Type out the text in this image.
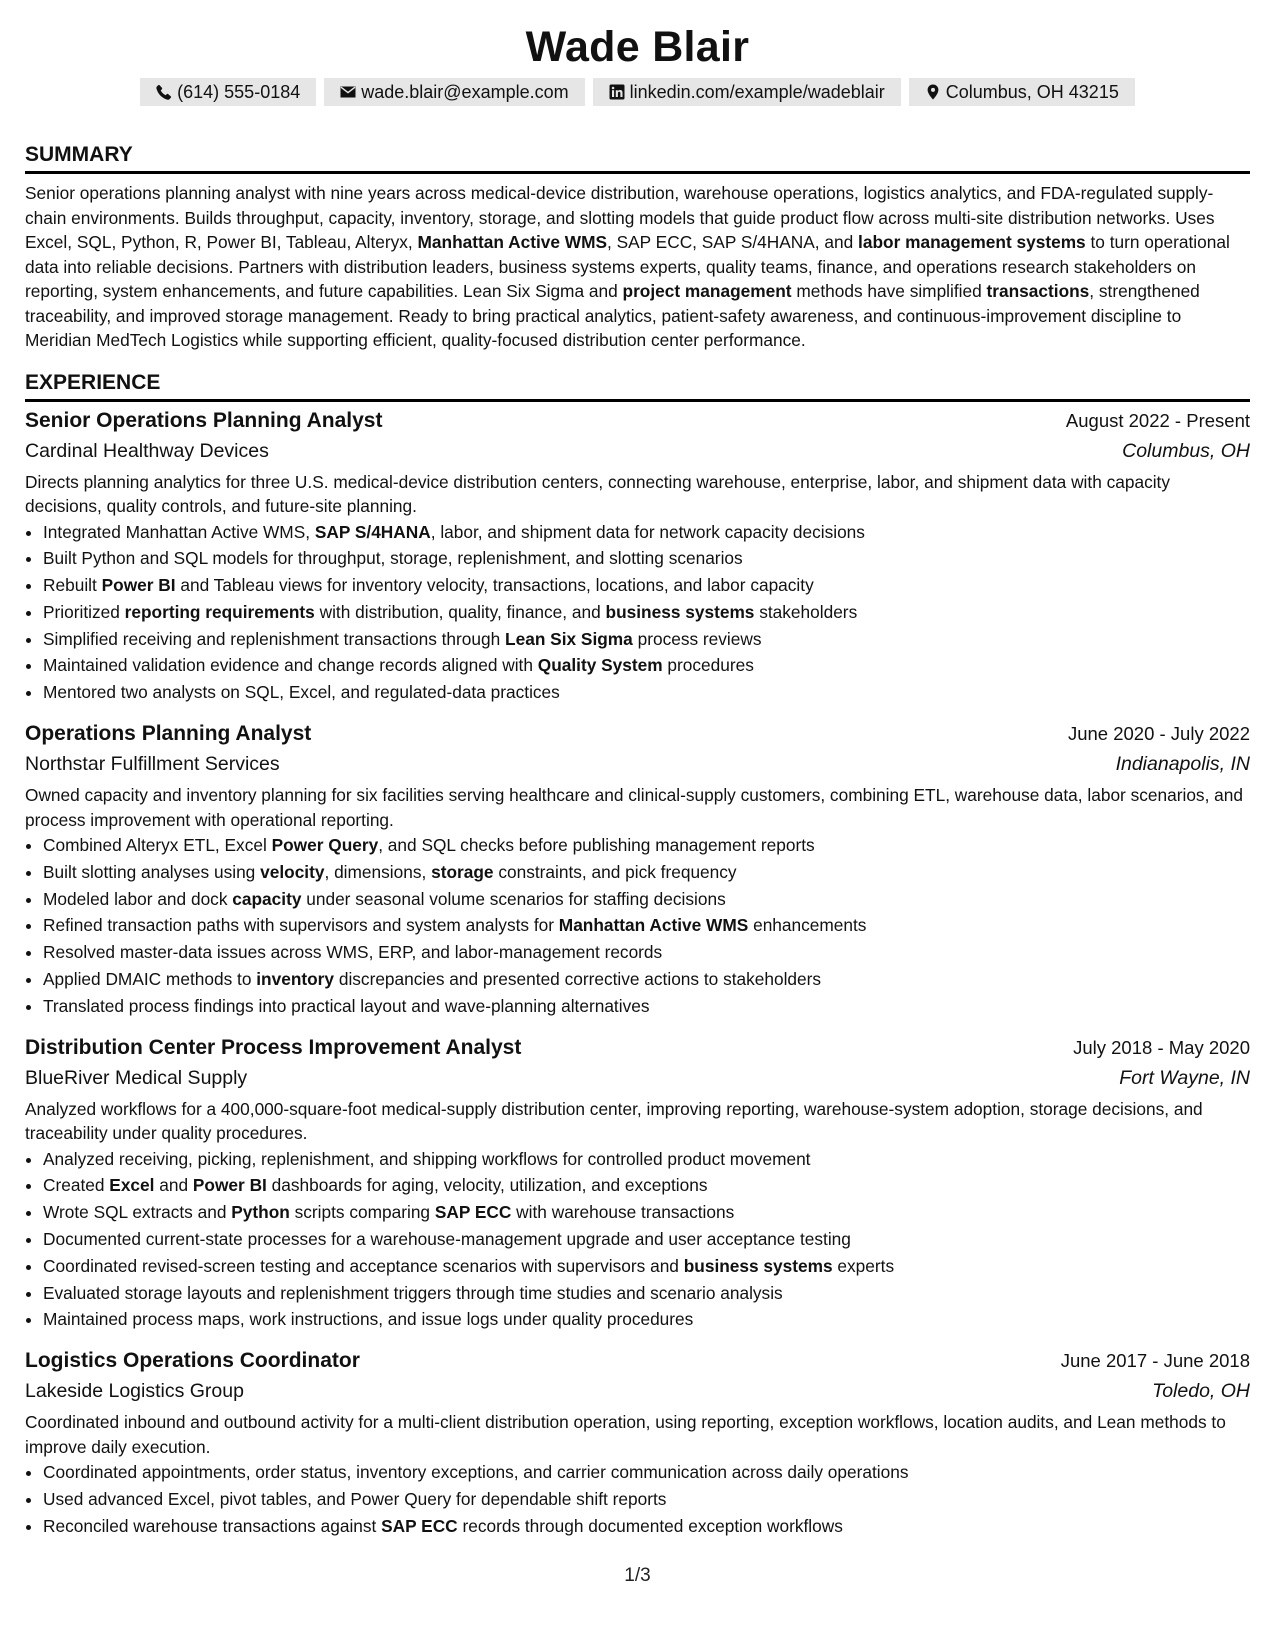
Wade Blair
(614) 555-0184	wade.blair@example.com	linkedin.com/example/wadeblair	Columbus, OH 43215
SUMMARY

Senior operations planning analyst with nine years across medical-device distribution, warehouse operations, logistics analytics, and FDA-regulated supply-chain environments. Builds throughput, capacity, inventory, storage, and slotting models that guide product flow across multi-site distribution networks. Uses Excel, SQL, Python, R, Power BI, Tableau, Alteryx, Manhattan Active WMS, SAP ECC, SAP S/4HANA, and labor management systems to turn operational data into reliable decisions. Partners with distribution leaders, business systems experts, quality teams, finance, and operations research stakeholders on reporting, system enhancements, and future capabilities. Lean Six Sigma and project management methods have simplified transactions, strengthened traceability, and improved storage management. Ready to bring practical analytics, patient-safety awareness, and continuous-improvement discipline to Meridian MedTech Logistics while supporting efficient, quality-focused distribution center performance.

EXPERIENCE
Senior Operations Planning Analyst	August 2022 - Present
Cardinal Healthway Devices	Columbus, OH

Directs planning analytics for three U.S. medical-device distribution centers, connecting warehouse, enterprise, labor, and shipment data with capacity decisions, quality controls, and future-site planning.

• Integrated Manhattan Active WMS, SAP S/4HANA, labor, and shipment data for network capacity decisions
• Built Python and SQL models for throughput, storage, replenishment, and slotting scenarios
• Rebuilt Power BI and Tableau views for inventory velocity, transactions, locations, and labor capacity
• Prioritized reporting requirements with distribution, quality, finance, and business systems stakeholders
• Simplified receiving and replenishment transactions through Lean Six Sigma process reviews
• Maintained validation evidence and change records aligned with Quality System procedures
• Mentored two analysts on SQL, Excel, and regulated-data practices
Operations Planning Analyst	June 2020 - July 2022
Northstar Fulfillment Services	Indianapolis, IN

Owned capacity and inventory planning for six facilities serving healthcare and clinical-supply customers, combining ETL, warehouse data, labor scenarios, and process improvement with operational reporting.

• Combined Alteryx ETL, Excel Power Query, and SQL checks before publishing management reports
• Built slotting analyses using velocity, dimensions, storage constraints, and pick frequency
• Modeled labor and dock capacity under seasonal volume scenarios for staffing decisions
• Refined transaction paths with supervisors and system analysts for Manhattan Active WMS enhancements
• Resolved master-data issues across WMS, ERP, and labor-management records
• Applied DMAIC methods to inventory discrepancies and presented corrective actions to stakeholders
• Translated process findings into practical layout and wave-planning alternatives
Distribution Center Process Improvement Analyst	July 2018 - May 2020
BlueRiver Medical Supply	Fort Wayne, IN

Analyzed workflows for a 400,000-square-foot medical-supply distribution center, improving reporting, warehouse-system adoption, storage decisions, and traceability under quality procedures.

• Analyzed receiving, picking, replenishment, and shipping workflows for controlled product movement
• Created Excel and Power BI dashboards for aging, velocity, utilization, and exceptions
• Wrote SQL extracts and Python scripts comparing SAP ECC with warehouse transactions
• Documented current-state processes for a warehouse-management upgrade and user acceptance testing
• Coordinated revised-screen testing and acceptance scenarios with supervisors and business systems experts
• Evaluated storage layouts and replenishment triggers through time studies and scenario analysis
• Maintained process maps, work instructions, and issue logs under quality procedures
Logistics Operations Coordinator	June 2017 - June 2018
Lakeside Logistics Group	Toledo, OH

Coordinated inbound and outbound activity for a multi-client distribution operation, using reporting, exception workflows, location audits, and Lean methods to improve daily execution.

• Coordinated appointments, order status, inventory exceptions, and carrier communication across daily operations
• Used advanced Excel, pivot tables, and Power Query for dependable shift reports
• Reconciled warehouse transactions against SAP ECC records through documented exception workflows
1/3
